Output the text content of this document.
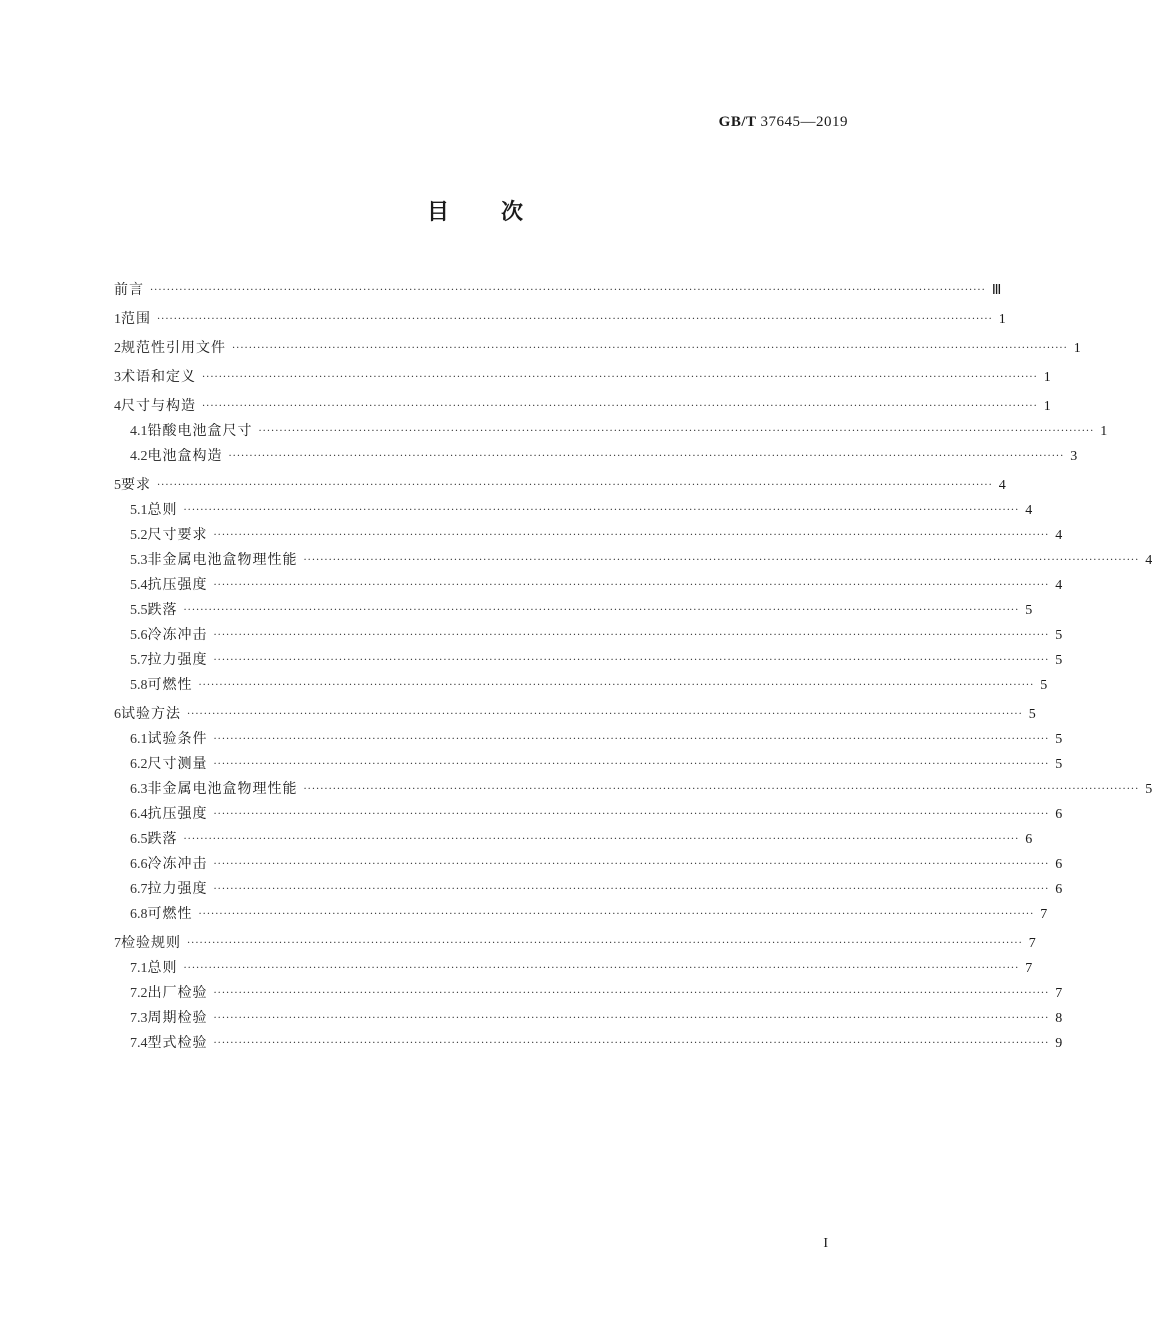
GB/T 37645—2019
目 次
前言 ········································································································································································································ Ⅲ
1 范围 ········································································································································································································ 1
2 规范性引用文件 ········································································································································································································ 1
3 术语和定义 ········································································································································································································ 1
4 尺寸与构造 ········································································································································································································ 1
4.1 铅酸电池盒尺寸 ········································································································································································································ 1
4.2 电池盒构造 ········································································································································································································ 3
5 要求 ········································································································································································································ 4
5.1 总则 ········································································································································································································ 4
5.2 尺寸要求 ········································································································································································································ 4
5.3 非金属电池盒物理性能 ········································································································································································································ 4
5.4 抗压强度 ········································································································································································································ 4
5.5 跌落 ········································································································································································································ 5
5.6 冷冻冲击 ········································································································································································································ 5
5.7 拉力强度 ········································································································································································································ 5
5.8 可燃性 ········································································································································································································ 5
6 试验方法 ········································································································································································································ 5
6.1 试验条件 ········································································································································································································ 5
6.2 尺寸测量 ········································································································································································································ 5
6.3 非金属电池盒物理性能 ········································································································································································································ 5
6.4 抗压强度 ········································································································································································································ 6
6.5 跌落 ········································································································································································································ 6
6.6 冷冻冲击 ········································································································································································································ 6
6.7 拉力强度 ········································································································································································································ 6
6.8 可燃性 ········································································································································································································ 7
7 检验规则 ········································································································································································································ 7
7.1 总则 ········································································································································································································ 7
7.2 出厂检验 ········································································································································································································ 7
7.3 周期检验 ········································································································································································································ 8
7.4 型式检验 ········································································································································································································ 9
I
